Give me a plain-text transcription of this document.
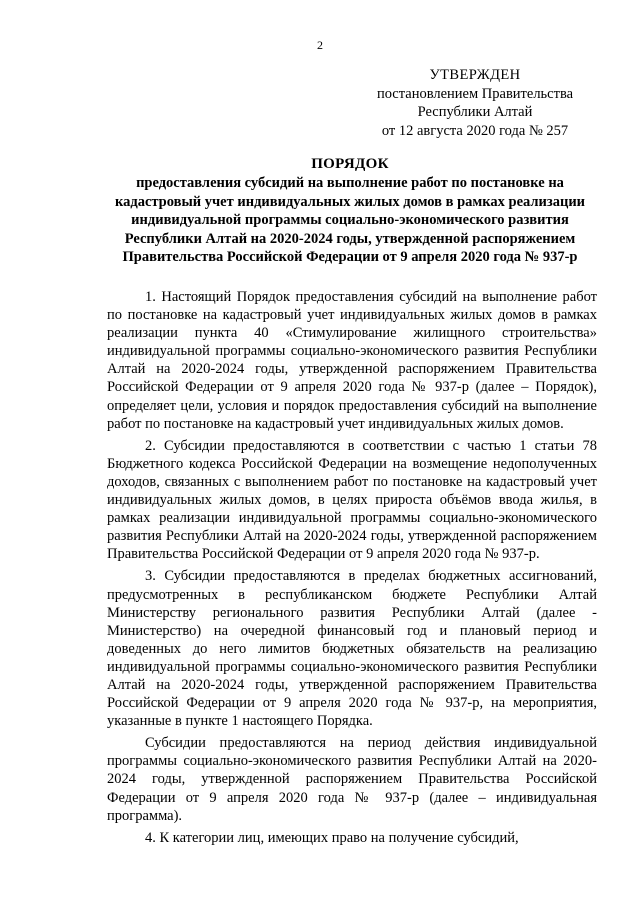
2
УТВЕРЖДЕН
постановлением Правительства
Республики Алтай
от 12 августа 2020 года № 257
ПОРЯДОК
предоставления субсидий на выполнение работ по постановке на кадастровый учет индивидуальных жилых домов в рамках реализации индивидуальной программы социально-экономического развития Республики Алтай на 2020-2024 годы, утвержденной распоряжением Правительства Российской Федерации от 9 апреля 2020 года № 937-р

1. Настоящий Порядок предоставления субсидий на выполнение работ по постановке на кадастровый учет индивидуальных жилых домов в рамках реализации пункта 40 «Стимулирование жилищного строительства» индивидуальной программы социально-экономического развития Республики Алтай на 2020-2024 годы, утвержденной распоряжением Правительства Российской Федерации от 9 апреля 2020 года № 937-р (далее – Порядок), определяет цели, условия и порядок предоставления субсидий на выполнение работ по постановке на кадастровый учет индивидуальных жилых домов.

2. Субсидии предоставляются в соответствии с частью 1 статьи 78 Бюджетного кодекса Российской Федерации на возмещение недополученных доходов, связанных с выполнением работ по постановке на кадастровый учет индивидуальных жилых домов, в целях прироста объёмов ввода жилья, в рамках реализации индивидуальной программы социально-экономического развития Республики Алтай на 2020-2024 годы, утвержденной распоряжением Правительства Российской Федерации от 9 апреля 2020 года № 937-р.

3. Субсидии предоставляются в пределах бюджетных ассигнований, предусмотренных в республиканском бюджете Республики Алтай Министерству регионального развития Республики Алтай (далее - Министерство) на очередной финансовый год и плановый период и доведенных до него лимитов бюджетных обязательств на реализацию индивидуальной программы социально-экономического развития Республики Алтай на 2020-2024 годы, утвержденной распоряжением Правительства Российской Федерации от 9 апреля 2020 года № 937-р, на мероприятия, указанные в пункте 1 настоящего Порядка.

Субсидии предоставляются на период действия индивидуальной программы социально-экономического развития Республики Алтай на 2020-2024 годы, утвержденной распоряжением Правительства Российской Федерации от 9 апреля 2020 года № 937-р (далее – индивидуальная программа).

4. К категории лиц, имеющих право на получение субсидий,
